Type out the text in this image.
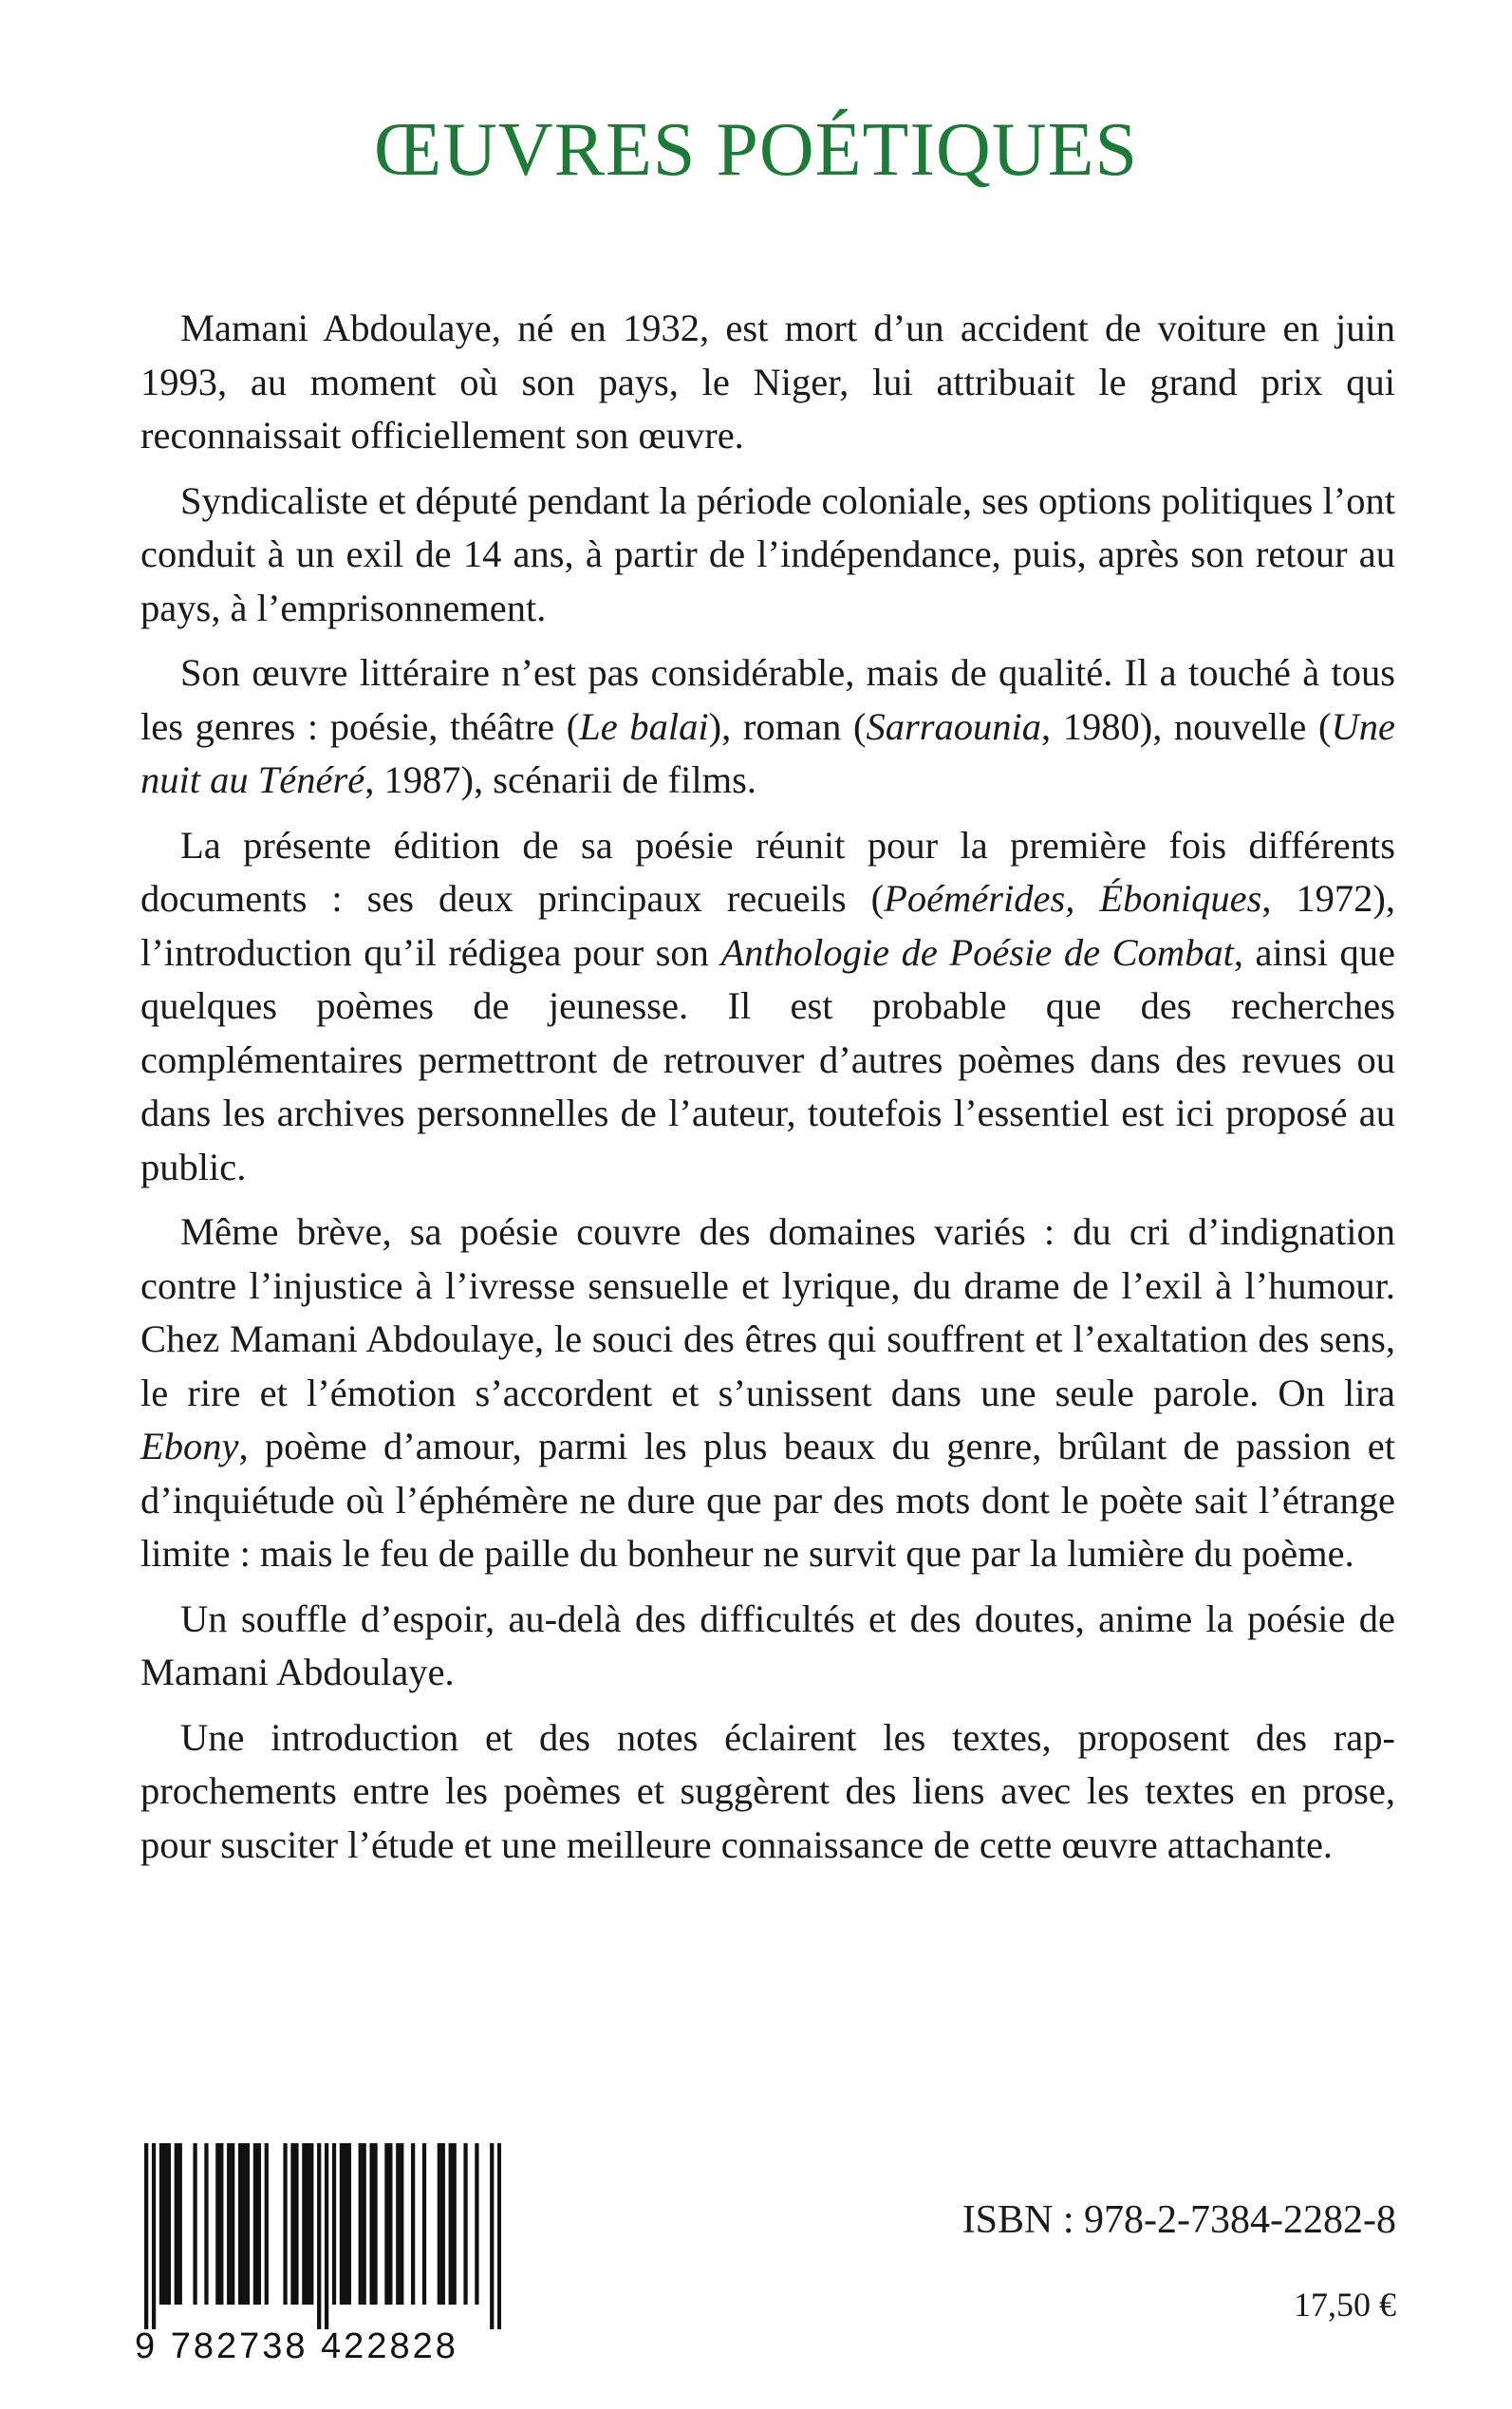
ŒUVRES POÉTIQUES

Mamani Abdoulaye, né en 1932, est mort d’un accident de voiture en juin 1993, au moment où son pays, le Niger, lui attribuait le grand prix qui reconnaissait officiellement son œuvre.

Syndicaliste et député pendant la période coloniale, ses options politiques l’ont conduit à un exil de 14 ans, à partir de l’indépendance, puis, après son retour au pays, à l’emprisonnement.

Son œuvre littéraire n’est pas considérable, mais de qualité. Il a touché à tous les genres : poésie, théâtre (Le balai), roman (Sarraounia, 1980), nouvelle (Une nuit au Ténéré, 1987), scénarii de films.

La présente édition de sa poésie réunit pour la première fois différents documents : ses deux principaux recueils (Poémérides, Éboniques, 1972), l’introduction qu’il rédigea pour son Anthologie de Poésie de Combat, ainsi que quelques poèmes de jeunesse. Il est probable que des recherches complémentaires permettront de retrouver d’autres poèmes dans des revues ou dans les archives personnelles de l’auteur, toutefois l’essentiel est ici proposé au public.

Même brève, sa poésie couvre des domaines variés : du cri d’indignation contre l’injustice à l’ivresse sensuelle et lyrique, du drame de l’exil à l’humour. Chez Mamani Abdoulaye, le souci des êtres qui souffrent et l’exaltation des sens, le rire et l’émotion s’accordent et s’unissent dans une seule parole. On lira Ebony, poème d’amour, parmi les plus beaux du genre, brûlant de passion et d’inquiétude où l’éphémère ne dure que par des mots dont le poète sait l’étrange limite : mais le feu de paille du bonheur ne survit que par la lumière du poème.

Un souffle d’espoir, au-delà des difficultés et des doutes, anime la poésie de Mamani Abdoulaye.

Une introduction et des notes éclairent les textes, proposent des rapprochements entre les poèmes et suggèrent des liens avec les textes en prose, pour susciter l’étude et une meilleure connaissance de cette œuvre attachante.

9 782738 422828
ISBN : 978-2-7384-2282-8
17,50 €
